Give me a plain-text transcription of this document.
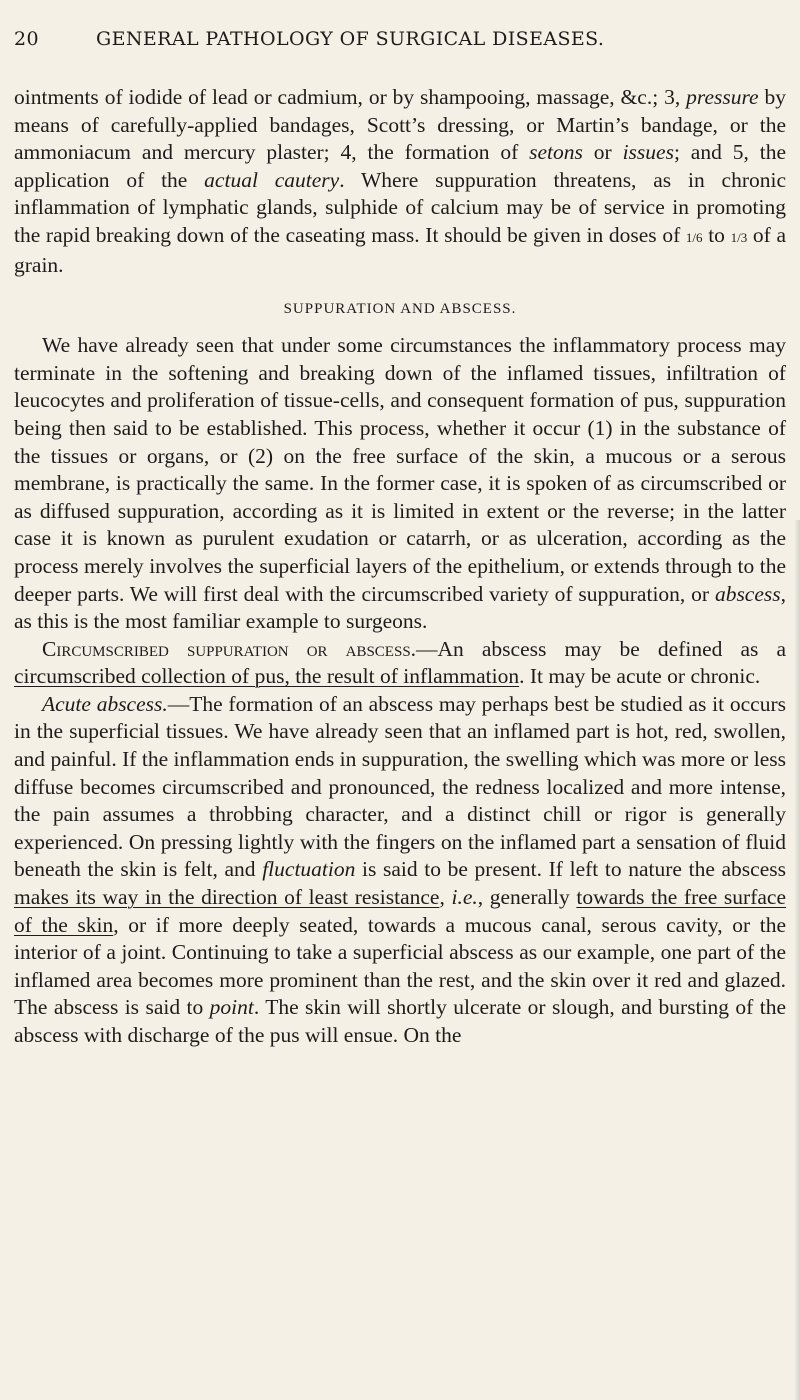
20	GENERAL PATHOLOGY OF SURGICAL DISEASES.

ointments of iodide of lead or cadmium, or by shampooing, massage, &c.; 3, pressure by means of carefully-applied bandages, Scott’s dressing, or Martin’s bandage, or the ammoniacum and mercury plaster; 4, the formation of setons or issues; and 5, the application of the actual cautery. Where suppuration threatens, as in chronic inflammation of lymphatic glands, sulphide of calcium may be of service in promoting the rapid breaking down of the caseating mass. It should be given in doses of 1/6 to 1/3 of a grain.

SUPPURATION AND ABSCESS.

We have already seen that under some circumstances the inflammatory process may terminate in the softening and breaking down of the inflamed tissues, infiltration of leucocytes and proliferation of tissue-cells, and consequent formation of pus, suppuration being then said to be established. This process, whether it occur (1) in the substance of the tissues or organs, or (2) on the free surface of the skin, a mucous or a serous membrane, is practically the same. In the former case, it is spoken of as circumscribed or as diffused suppuration, according as it is limited in extent or the reverse; in the latter case it is known as purulent exudation or catarrh, or as ulceration, according as the process merely involves the superficial layers of the epithelium, or extends through to the deeper parts. We will first deal with the circumscribed variety of suppuration, or abscess, as this is the most familiar example to surgeons.

Circumscribed suppuration or abscess.—An abscess may be defined as a circumscribed collection of pus, the result of inflammation. It may be acute or chronic.

Acute abscess.—The formation of an abscess may perhaps best be studied as it occurs in the superficial tissues. We have already seen that an inflamed part is hot, red, swollen, and painful. If the inflammation ends in suppuration, the swelling which was more or less diffuse becomes circumscribed and pronounced, the redness localized and more intense, the pain assumes a throbbing character, and a distinct chill or rigor is generally experienced. On pressing lightly with the fingers on the inflamed part a sensation of fluid beneath the skin is felt, and fluctuation is said to be present. If left to nature the abscess makes its way in the direction of least resistance, i.e., generally towards the free surface of the skin, or if more deeply seated, towards a mucous canal, serous cavity, or the interior of a joint. Continuing to take a superficial abscess as our example, one part of the inflamed area becomes more prominent than the rest, and the skin over it red and glazed. The abscess is said to point. The skin will shortly ulcerate or slough, and bursting of the abscess with discharge of the pus will ensue. On the
